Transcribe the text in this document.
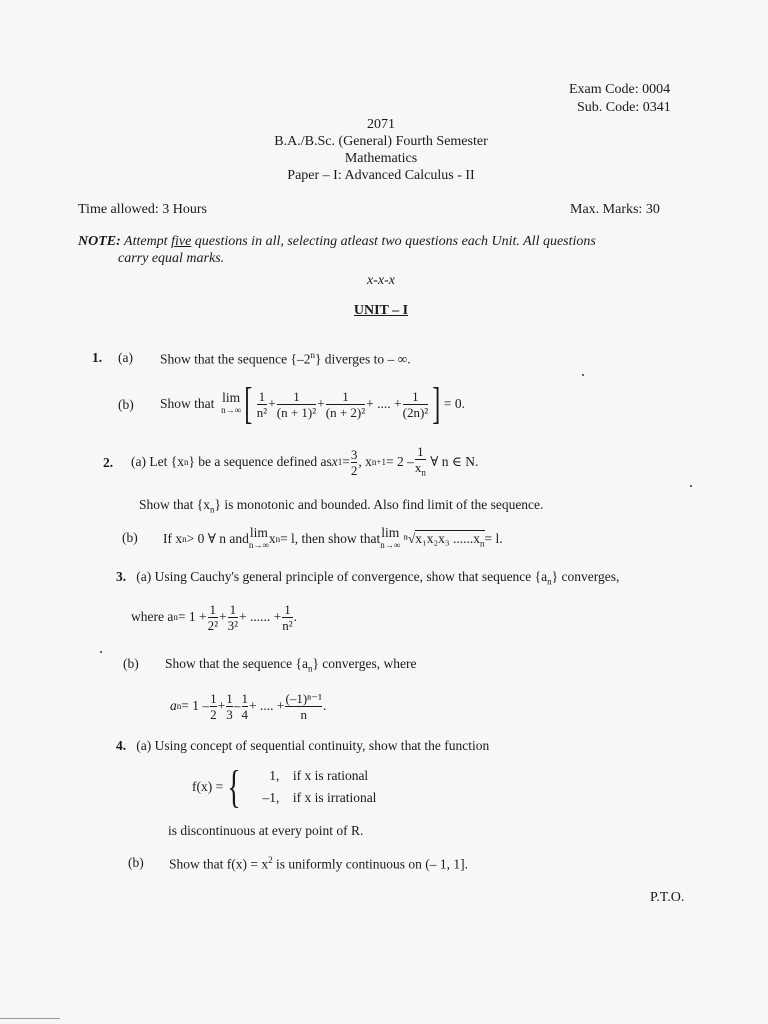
Exam Code: 0004
Sub. Code: 0341
2071
B.A./B.Sc. (General) Fourth Semester
Mathematics
Paper – I: Advanced Calculus - II
Time allowed: 3 Hours	Max. Marks: 30
NOTE: Attempt five questions in all, selecting atleast two questions each Unit. All questions
carry equal marks.
x-x-x
UNIT – I
1. (a) Show that the sequence {–2$^n$} diverges to – ∞.
(b) Show that
lim
n→∞ [ $\frac{1}{\text{n²}} + \frac{1}{\text{(n + 1)²}} + \frac{1}{\text{(n + 2)²}}$ + .... + $\frac{1}{\text{(2n)²}}$ ] = 0.
2. (a)
Let {x n } be a sequence defined as x $1 = \frac{3}{2}$ , x $n+1 = 2 - \frac{1}{x_n}$
∀ n ∈ N.
Show that $\{x_n\}$ is monotonic and bounded. Also find limit of the sequence.
(b) If x n > 0 ∀ n and lim
n→∞ x n = l, then show that lim
n→∞
ⁿ√ x₁x₂x₃ $......x_n = l$.
3. (a) Using Cauchy's general principle of convergence, show that sequence $\{a_n\}$ converges,
where a $n = 1 + \frac{1}{\text{2²}} + \frac{1}{\text{3²}}$ + ...... + $\frac{1}{\text{n²}}$ .
(b) Show that the sequence $\{a_n\}$ converges, where
a $n = 1 - \frac{1}{2} + \frac{1}{3} - \frac{1}{4}$ + .... + $\frac{\text{(–1)ⁿ⁻¹}}{n}$ .
4. (a) Using concept of sequential continuity, show that the function
f(x) = {	1, if x is rational
–1, if x is irrational
is discontinuous at every point of R.
(b) Show that $f(x) = x^2$ is uniformly continuous on (– 1, 1].
P.T.O.
